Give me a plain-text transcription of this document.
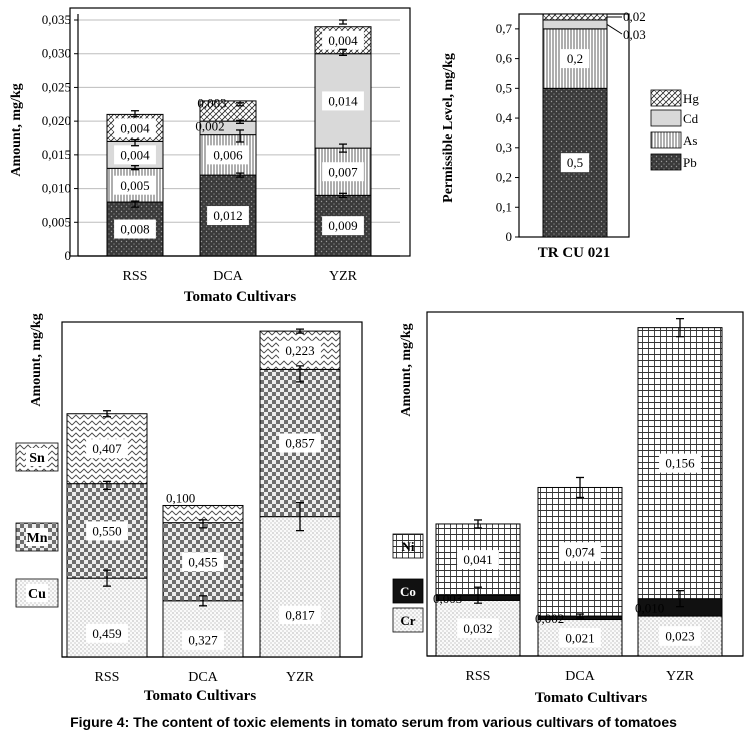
0
0,005
0,010
0,015
0,020
0,025
0,030
0,035
RSS	DCA	YZR
Tomato Cultivars
Amount, mg/kg
0,008
0,005
0,004
0,004
0,012
0,006
0,002
0,003
0,009
0,007
0,014
0,004
0
0,1
0,2
0,3
0,4
0,5
0,6
0,7
TR CU 021
Permissible Level, mg/kg	0,5
0,2
0,02
0,03
Hg
Cd
As
Pb
RSS	DCA	YZR
Tomato Cultivars
Amount, mg/kg
0,459
0,550
0,407
0,327
0,455
0,100
0,817
0,857
0,223
Sn
Mn
Cu
RSS	DCA	YZR
Tomato Cultivars
Amount, mg/kg
0,032
0,003
0,041
0,021
0,002
0,074
0,023
0,010
0,156
Ni
Co
Cr
Figure 4: The content of toxic elements in tomato serum from various cultivars of tomatoes
